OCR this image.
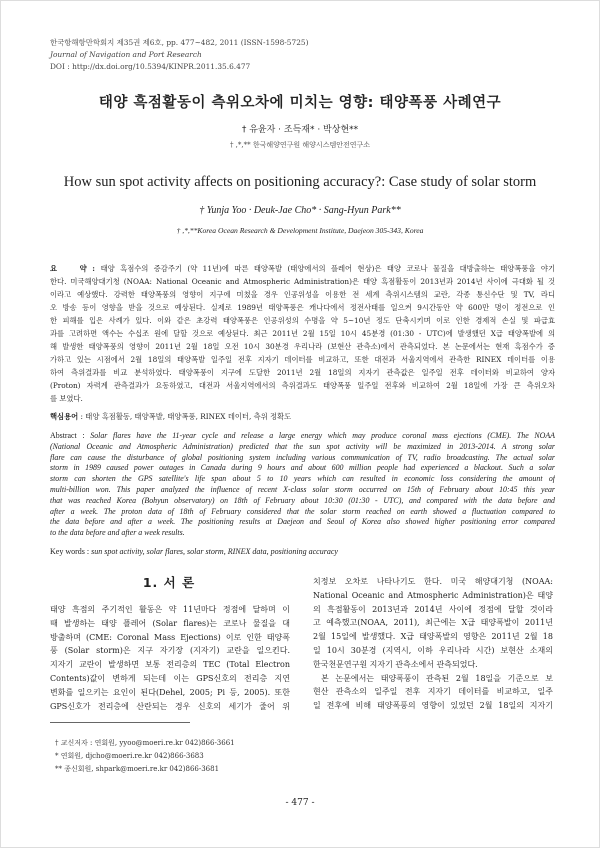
한국항해항만학회지 제35권 제6호, pp. 477~482, 2011 (ISSN-1598-5725)
Journal of Navigation and Port Research
DOI : http://dx.doi.org/10.5394/KINPR.2011.35.6.477
태양 흑점활동이 측위오차에 미치는 영향: 태양폭풍 사례연구
† 유윤자 · 조득재* · 박상현**
† ,*,** 한국해양연구원 해양시스템안전연구소
How sun spot activity affects on positioning accuracy?: Case study of solar storm
† Yunja Yoo · Deuk-Jae Cho* · Sang-Hyun Park**
† ,*,**Korea Ocean Research & Development Institute, Daejeon 305-343, Korea
요    약 : 태양 흑점수의 증감주기 (약 11년)에 따른 태양폭발 (태양에서의 플레어 현상)은 태양 코로나 물질을 대방출하는 태양폭풍을 야기
한다. 미국해양대기청 (NOAA: National Oceanic and Atmospheric Administration)은 태양 흑점활동이 2013년과 2014년 사이에 극대화 될 것
이라고 예상했다. 강력한 태양폭풍의 영향이 지구에 미쳤을 경우 인공위성을 이용한 전 세계 측위시스템의 교란, 각종 통신수단 및 TV, 라디
오 방송 등이 영향을 받을 것으로 예상된다. 실제로 1989년 태양폭풍은 캐나다에서 정전사태를 일으켜 9시간동안 약 600만 명이 정전으로 인
한 피해를 입은 사례가 있다. 이와 같은 초강력 태양폭풍은 인공위성의 수명을 약 5~10년 정도 단축시키며 이로 인한 경제적 손실 및 파급효
과를 고려하면 액수는 수십조 원에 달할 것으로 예상된다. 최근 2011년 2월 15일 10시 45분경 (01:30 - UTC)에 발생했던 X급 태양폭발에 의
해 발생한 태양폭풍의 영향이 2011년 2월 18일 오전 10시 30분경 우리나라 (보현산 관측소)에서 관측되었다. 본 논문에서는 현재 흑점수가 증
가하고 있는 시점에서 2월 18일의 태양폭발 일주일 전후 지자기 데이터를 비교하고, 또한 대전과 서울지역에서 관측한 RINEX 데이터를 이용
하여 측위결과를 비교 분석하였다. 태양폭풍이 지구에 도달한 2011년 2월 18일의 지자기 관측값은 일주일 전후 데이터와 비교하여 양자
(Proton) 자력계 관측결과가 요동하였고, 대전과 서울지역에서의 측위결과도 태양폭풍 일주일 전후와 비교하여 2월 18일에 가장 큰 측위오차
를 보였다.
핵심용어 : 태양 흑점활동, 태양폭발, 태양폭풍, RINEX 데이터, 측위 정확도
Abstract : Solar flares have the 11-year cycle and release a large energy which may produce coronal mass ejections (CME). The NOAA
(National Oceanic and Atmospheric Administration) predicted that the sun spot activity will be maximized in 2013-2014. A strong solar
flare can cause the disturbance of global positioning system including various communication of TV, radio broadcasting. The actual solar
storm in 1989 caused power outages in Canada during 9 hours and about 600 million people had experienced a blackout. Such a solar
storm can shorten the GPS satellite's life span about 5 to 10 years which can resulted in economic loss considering the amount of
multi-billion won. This paper analyzed the influence of recent X-class solar storm occurred on 15th of February about 10:45 this year
that was reached Korea (Bohyun observatory) on 18th of February about 10:30 (01:30 - UTC), and compared with the data before and
after a week. The proton data of 18th of February considered that the solar storm reached on earth showed a fluctuation compared to
the data before and after a week. The positioning results at Daejeon and Seoul of Korea also showed higher positioning error compared
to the data before and after a week results.
Key words : sun spot activity, solar flares, solar storm, RINEX data, positioning accuracy
1. 서 론
태양 흑점의 주기적인 활동은 약 11년마다 정점에 달하며 이
때 발생하는 태양 플레어 (Solar flares)는 코로나 물질을 대
방출하며 (CME: Coronal Mass Ejections) 이로 인한 태양폭
풍 (Solar storm)은 지구 자기장 (지자기) 교란을 일으킨다.
지자기 교란이 발생하면 보통 전리층의 TEC (Total Electron
Contents)값이 변하게 되는데 이는 GPS신호의 전리층 지연
변화를 일으키는 요인이 된다(Dehel, 2005; Pi 등, 2005). 또한
GPS신호가 전리층에 산란되는 경우 신호의 세기가 줄어 위
치정보 오차로 나타나기도 한다. 미국 해양대기청 (NOAA:
National Oceanic and Atmospheric Administration)은 태양
의 흑점활동이 2013년과 2014년 사이에 정점에 달할 것이라
고 예측했고(NOAA, 2011), 최근에는 X급 태양폭발이 2011년
2월 15일에 발생했다. X급 태양폭발의 영향은 2011년 2월 18
일 10시 30분경 (지역시, 이하 우리나라 시간) 보현산 소재의
한국천문연구원 지자기 관측소에서 관측되었다.
본 논문에서는 태양폭풍이 관측된 2월 18일을 기준으로 보
현산 관측소의 일주일 전후 지자기 데이터를 비교하고, 일주
일 전후에 비해 태양폭풍의 영향이 있었던 2월 18일의 지자기
† 교신저자 : 연회원, yyoo@moeri.re.kr 042)866-3661
* 연회원, djcho@moeri.re.kr 042)866-3683
** 종신회원, shpark@moeri.re.kr 042)866-3681
- 477 -
